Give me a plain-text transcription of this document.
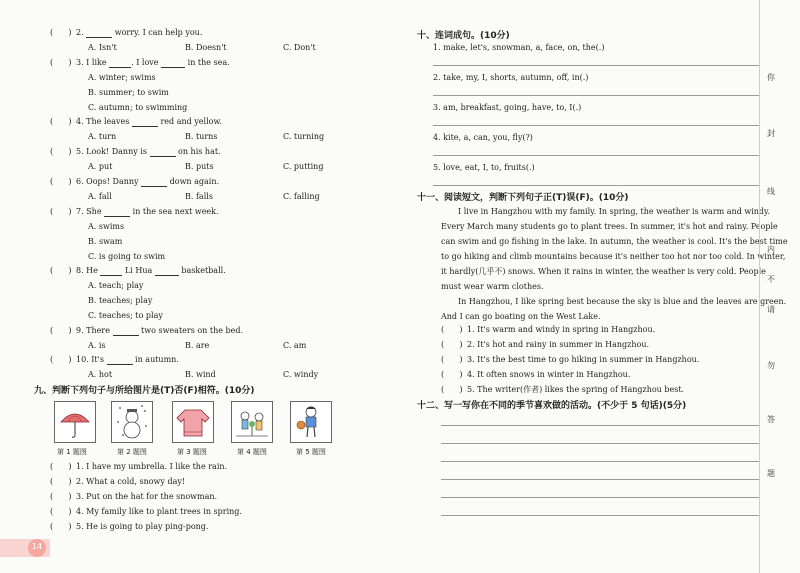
(      ) 2.	worry. I can help you.
A. Isn't	B. Doesn't	C. Don't
(      ) 3. I like	. I love	in the sea.
A. winter; swims
B. summer; to swim
C. autumn; to swimming
(      ) 4. The leaves	red and yellow.
A. turn	B. turns	C. turning
(      ) 5. Look! Danny is	on his hat.
A. put	B. puts	C. putting
(      ) 6. Oops! Danny	down again.
A. fall	B. falls	C. falling
(      ) 7. She	in the sea next week.
A. swims
B. swam
C. is going to swim
(      ) 8. He	Li Hua	basketball.
A. teach; play
B. teaches; play
C. teaches; to play
(      ) 9. There	two sweaters on the bed.
A. is	B. are	C. am
(      ) 10. It's	in autumn.
A. hot	B. wind	C. windy
九、判断下列句子与所给图片是(T)否(F)相符。(10分)
第 1 题图	第 2 题图	第 3 题图	第 4 题图	第 5 题图
(      ) 1. I have my umbrella. I like the rain.
(      ) 2. What a cold, snowy day!
(      ) 3. Put on the hat for the snowman.
(      ) 4. My family like to plant trees in spring.
(      ) 5. He is going to play ping-pong.
十、连词成句。(10分)
1. make, let's, snowman, a, face, on, the(.)
2. take, my, I, shorts, autumn, off, in(.)
3. am, breakfast, going, have, to, I(.)
4. kite, a, can, you, fly(?)
5. love, eat, I, to, fruits(.)
十一、阅读短文，判断下列句子正(T)误(F)。(10分)
I live in Hangzhou with my family. In spring, the weather is warm and windy.
Every March many students go to plant trees. In summer, it's hot and rainy. People
can swim and go fishing in the lake. In autumn, the weather is cool. It's the best time
to go hiking and climb mountains because it's neither too hot nor too cold. In winter,
it hardly(几乎不) snows. When it rains in winter, the weather is very cold. People
must wear warm clothes.
In Hangzhou, I like spring best because the sky is blue and the leaves are green.
And I can go boating on the West Lake.
(      ) 1. It's warm and windy in spring in Hangzhou.
(      ) 2. It's hot and rainy in summer in Hangzhou.
(      ) 3. It's the best time to go hiking in summer in Hangzhou.
(      ) 4. It often snows in winter in Hangzhou.
(      ) 5. The writer(作者) likes the spring of Hangzhou best.
十二、写一写你在不同的季节喜欢做的活动。(不少于 5 句话)(5分)
你
封
线
内
不
请
勿
答
题
14
